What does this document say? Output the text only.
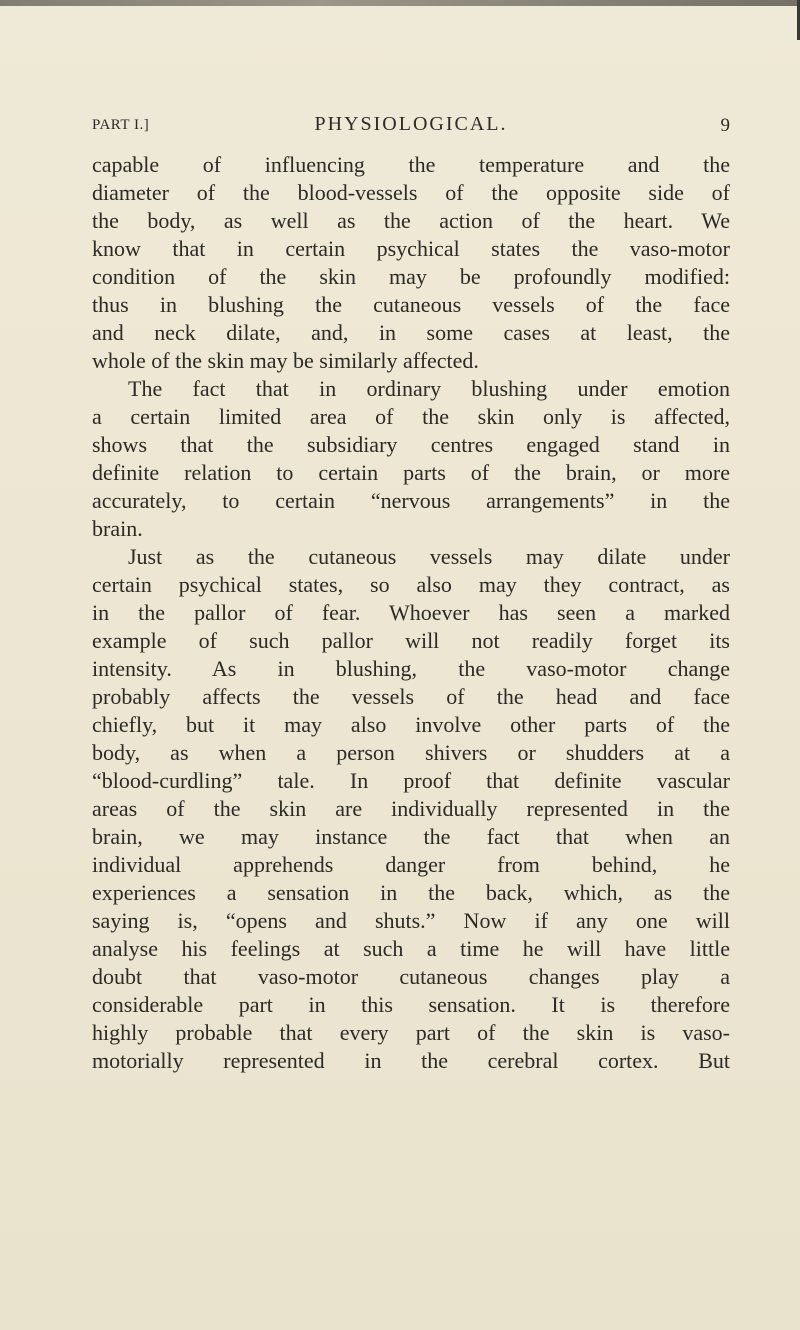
PART I.]	PHYSIOLOGICAL.	9
capable of influencing the temperature and the
diameter of the blood-vessels of the opposite side of
the body, as well as the action of the heart. We
know that in certain psychical states the vaso-motor
condition of the skin may be profoundly modified:
thus in blushing the cutaneous vessels of the face
and neck dilate, and, in some cases at least, the
whole of the skin may be similarly affected.
The fact that in ordinary blushing under emotion
a certain limited area of the skin only is affected,
shows that the subsidiary centres engaged stand in
definite relation to certain parts of the brain, or more
accurately, to certain “nervous arrangements” in the
brain.
Just as the cutaneous vessels may dilate under
certain psychical states, so also may they contract, as
in the pallor of fear. Whoever has seen a marked
example of such pallor will not readily forget its
intensity. As in blushing, the vaso-motor change
probably affects the vessels of the head and face
chiefly, but it may also involve other parts of the
body, as when a person shivers or shudders at a
“blood-curdling” tale. In proof that definite vascular
areas of the skin are individually represented in the
brain, we may instance the fact that when an
individual apprehends danger from behind, he
experiences a sensation in the back, which, as the
saying is, “opens and shuts.” Now if any one will
analyse his feelings at such a time he will have little
doubt that vaso-motor cutaneous changes play a
considerable part in this sensation. It is therefore
highly probable that every part of the skin is vaso-
motorially represented in the cerebral cortex. But
